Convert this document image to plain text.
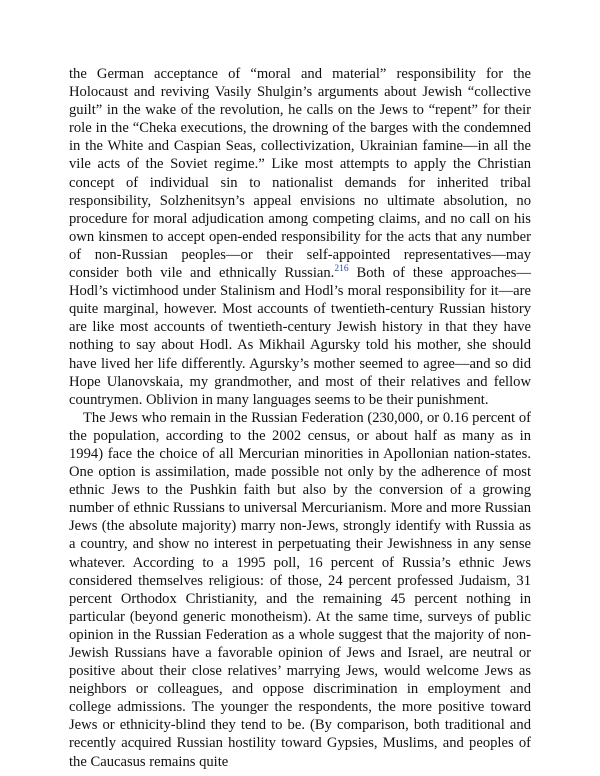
the German acceptance of “moral and material” responsibility for the Holocaust and reviving Vasily Shulgin’s arguments about Jewish “collective guilt” in the wake of the revolution, he calls on the Jews to “repent” for their role in the “Cheka executions, the drowning of the barges with the condemned in the White and Caspian Seas, collectivization, Ukrainian famine—in all the vile acts of the Soviet regime.” Like most attempts to apply the Christian concept of individual sin to nationalist demands for inherited tribal responsibility, Solzhenitsyn’s appeal envisions no ultimate absolution, no procedure for moral adjudication among competing claims, and no call on his own kinsmen to accept open-ended responsibility for the acts that any number of non-Russian peoples—or their self-appointed representatives—may consider both vile and ethnically Russian.$^{216}$ Both of these approaches—Hodl’s victimhood under Stalinism and Hodl’s moral responsibility for it—are quite marginal, however. Most accounts of twentieth-century Russian history are like most accounts of twentieth-century Jewish history in that they have nothing to say about Hodl. As Mikhail Agursky told his mother, she should have lived her life differently. Agursky’s mother seemed to agree—and so did Hope Ulanovskaia, my grandmother, and most of their relatives and fellow countrymen. Oblivion in many languages seems to be their punishment.

The Jews who remain in the Russian Federation (230,000, or 0.16 percent of the population, according to the 2002 census, or about half as many as in 1994) face the choice of all Mercurian minorities in Apollonian nation-states. One option is assimilation, made possible not only by the adherence of most ethnic Jews to the Pushkin faith but also by the conversion of a growing number of ethnic Russians to universal Mercurianism. More and more Russian Jews (the absolute majority) marry non-Jews, strongly identify with Russia as a country, and show no interest in perpetuating their Jewishness in any sense whatever. According to a 1995 poll, 16 percent of Russia’s ethnic Jews considered themselves religious: of those, 24 percent professed Judaism, 31 percent Orthodox Christianity, and the remaining 45 percent nothing in particular (beyond generic monotheism). At the same time, surveys of public opinion in the Russian Federation as a whole suggest that the majority of non-Jewish Russians have a favorable opinion of Jews and Israel, are neutral or positive about their close relatives’ marrying Jews, would welcome Jews as neighbors or colleagues, and oppose discrimination in employment and college admissions. The younger the respondents, the more positive toward Jews or ethnicity-blind they tend to be. (By comparison, both traditional and recently acquired Russian hostility toward Gypsies, Muslims, and peoples of the Caucasus remains quite
